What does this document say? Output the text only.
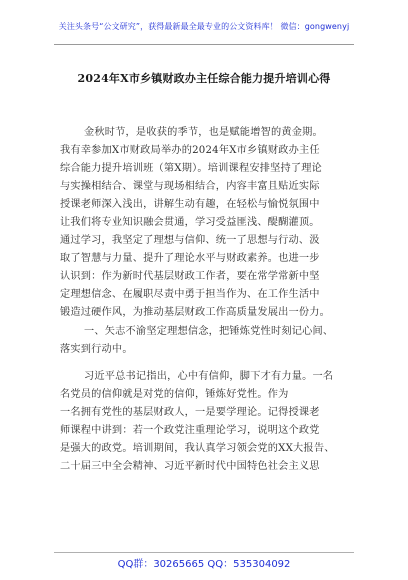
关注头条号“公文研究”，获得最新最全最专业的公文资料库！ 微信：gongwenyj
2024年X市乡镇财政办主任综合能力提升培训心得
金秋时节，是收获的季节，也是赋能增智的黄金期。
我有幸参加X市财政局举办的2024年X市乡镇财政办主任
综合能力提升培训班（第X期）。培训课程安排坚持了理论
与实操相结合、课堂与现场相结合，内容丰富且贴近实际
授课老师深入浅出，讲解生动有趣，在轻松与愉悦氛围中
让我们将专业知识融会贯通，学习受益匪浅、醍醐灌顶。
通过学习，我坚定了理想与信仰、统一了思想与行动、汲
取了智慧与力量、提升了理论水平与财政素养。也进一步
认识到：作为新时代基层财政工作者，要在常学常新中坚
定理想信念、在履职尽责中勇于担当作为、在工作生活中
锻造过硬作风，为推动基层财政工作高质量发展出一份力。
一、矢志不渝坚定理想信念，把锤炼党性时刻记心间、
落实到行动中。
习近平总书记指出，心中有信仰，脚下才有力量。一名
名党员的信仰就是对党的信仰，锤炼好党性。作为
一名拥有党性的基层财政人，一是要学理论。记得授课老
师课程中讲到：若一个政党注重理论学习，说明这个政党
是强大的政党。培训期间，我认真学习领会党的XX大报告、
二十届三中全会精神、习近平新时代中国特色社会主义思
QQ群：30265665 QQ：535304092
